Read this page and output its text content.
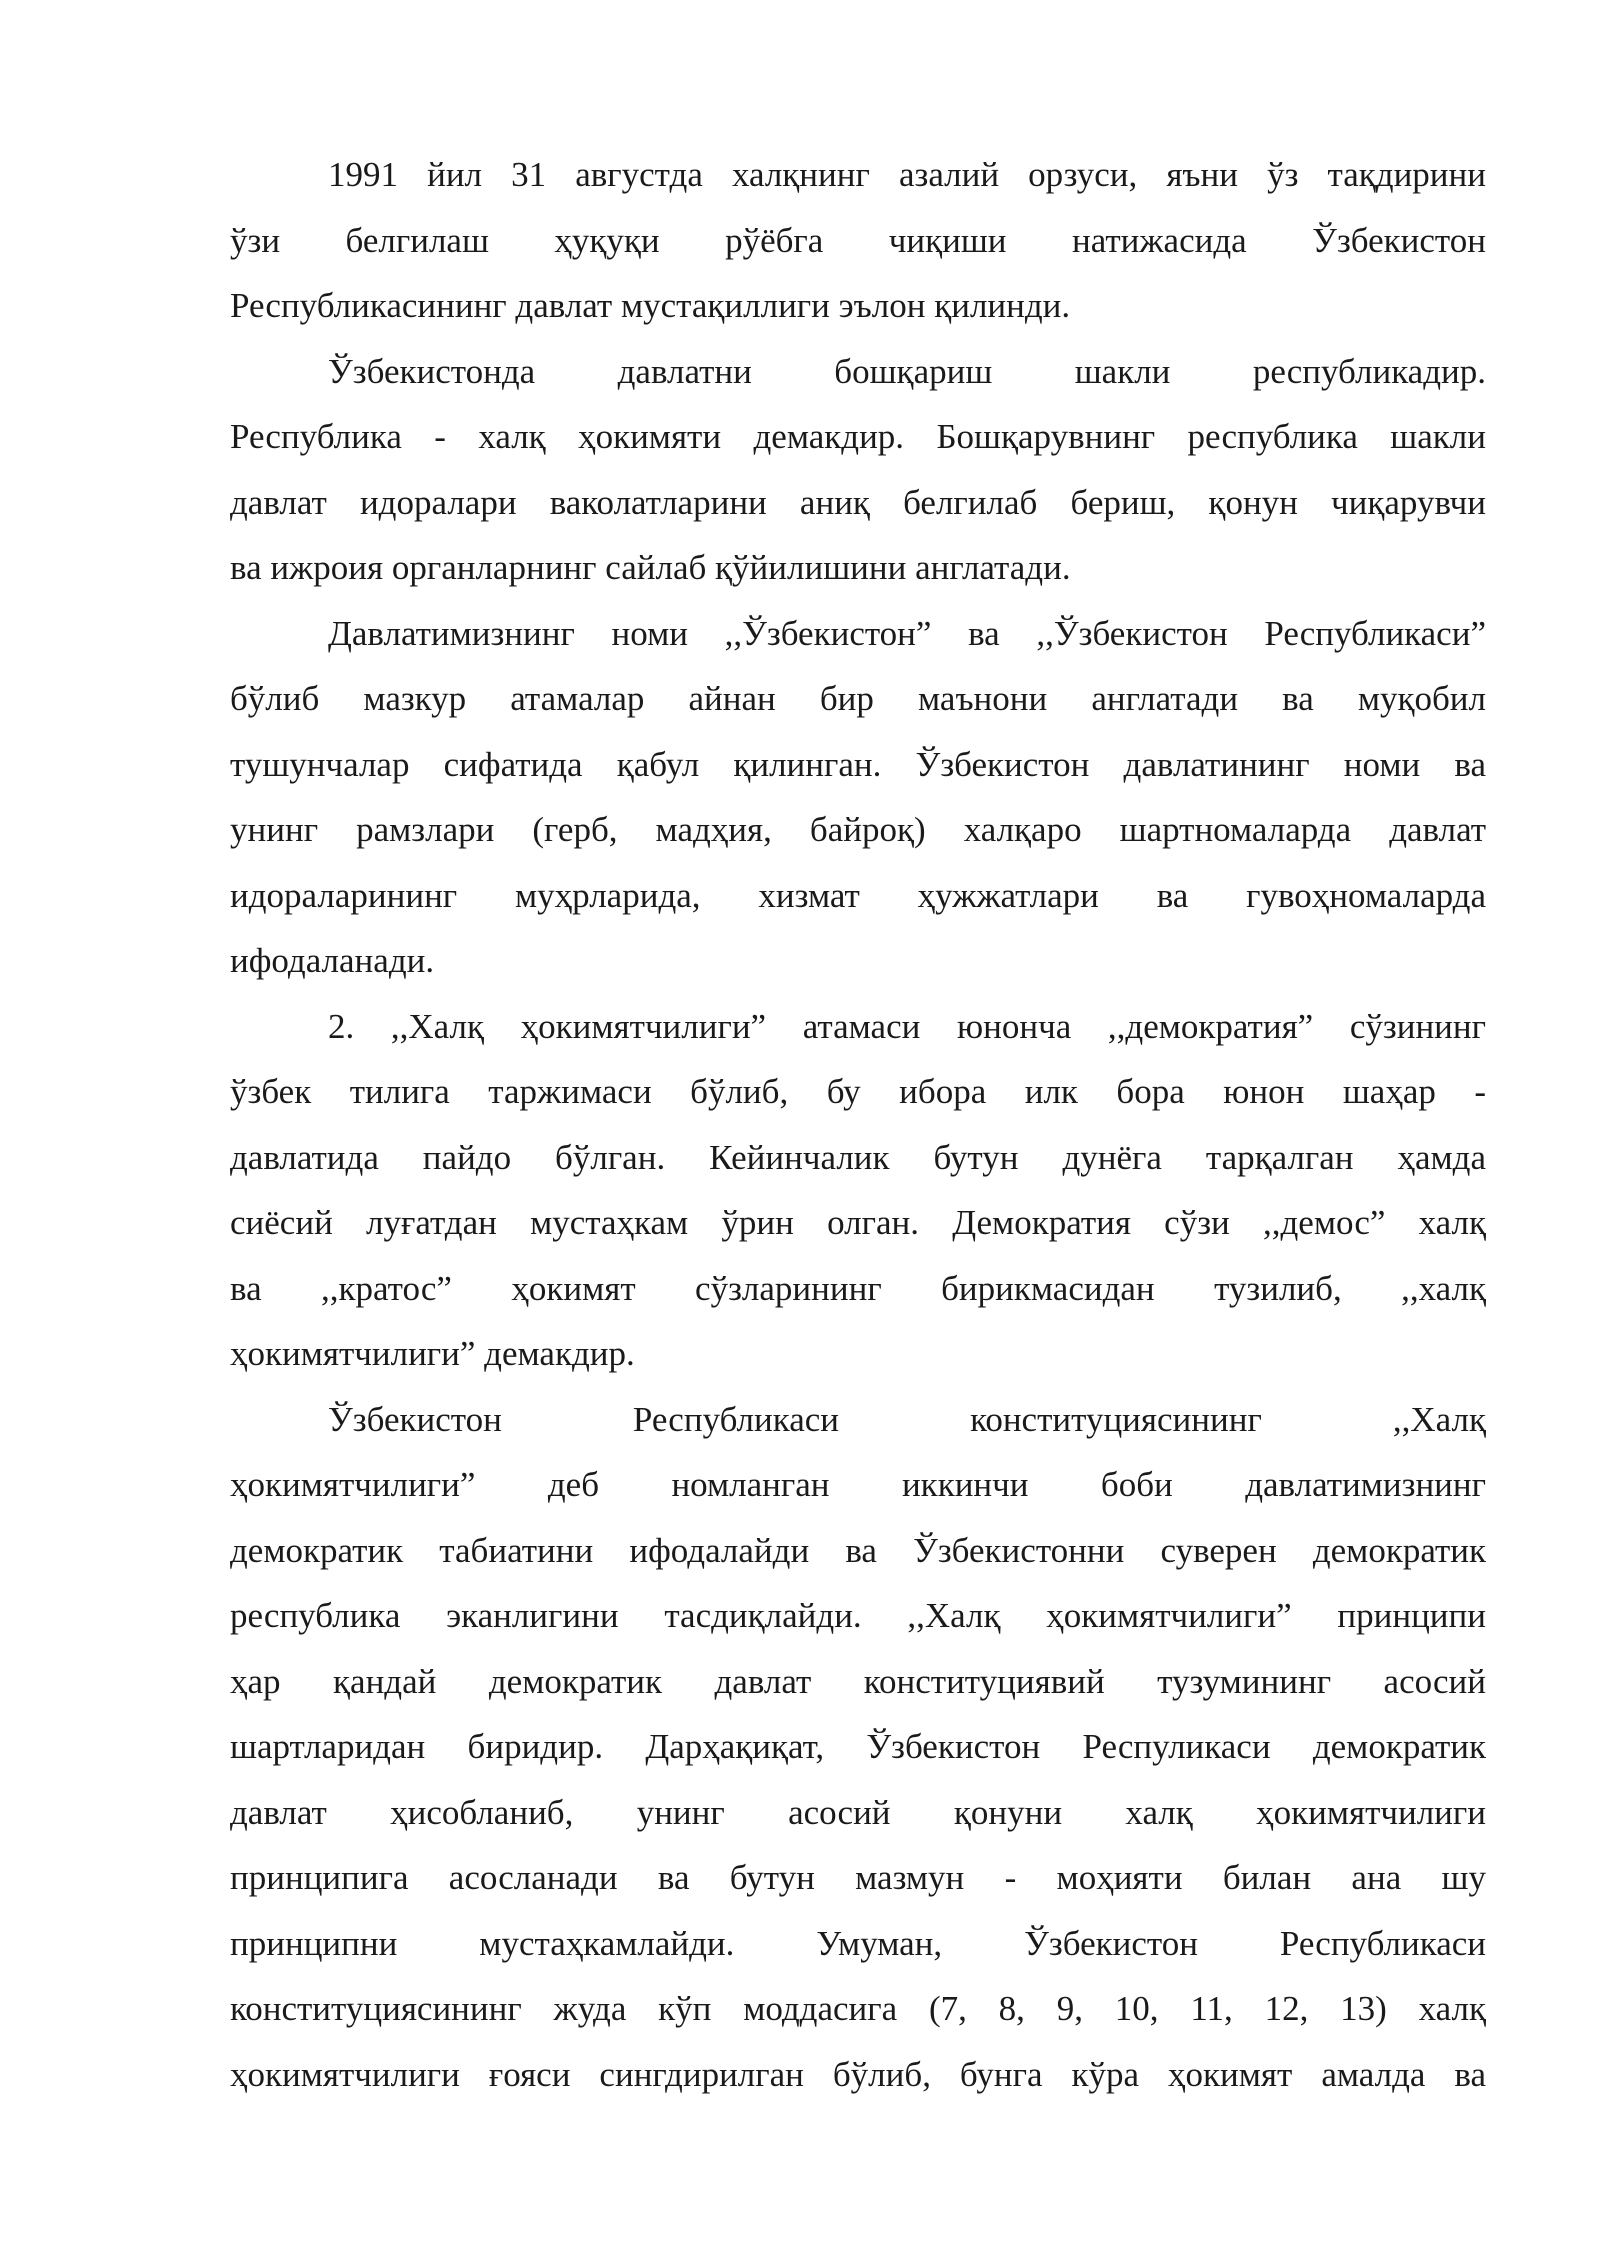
1991 йил 31 августда халқнинг азалий орзуси, яъни ўз тақдирини
ўзи белгилаш ҳуқуқи рўёбга чиқиши натижасида Ўзбекистон
Республикасининг давлат мустақиллиги эълон қилинди.
Ўзбекистонда давлатни бошқариш шакли республикадир.
Республика - халқ ҳокимяти демакдир. Бошқарувнинг республика шакли
давлат идоралари ваколатларини аниқ белгилаб бериш, қонун чиқарувчи
ва ижроия органларнинг сайлаб қўйилишини англатади.
Давлатимизнинг номи ,,Ўзбекистон” ва ,,Ўзбекистон Республикаси”
бўлиб мазкур атамалар айнан бир маънони англатади ва муқобил
тушунчалар сифатида қабул қилинган. Ўзбекистон давлатининг номи ва
унинг рамзлари (герб, мадҳия, байроқ) халқаро шартномаларда давлат
идораларининг муҳрларида, хизмат ҳужжатлари ва гувоҳномаларда
ифодаланади.
2. ,,Халқ ҳокимятчилиги” атамаси юнонча ,,демократия” сўзининг
ўзбек тилига таржимаси бўлиб, бу ибора илк бора юнон шаҳар -
давлатида пайдо бўлган. Кейинчалик бутун дунёга тарқалган ҳамда
сиёсий луғатдан мустаҳкам ўрин олган. Демократия сўзи ,,демос” халқ
ва ,,кратос” ҳокимят сўзларининг бирикмасидан тузилиб, ,,халқ
ҳокимятчилиги” демакдир.
Ўзбекистон Республикаси конституциясининг ,,Халқ
ҳокимятчилиги” деб номланган иккинчи боби давлатимизнинг
демократик табиатини ифодалайди ва Ўзбекистонни суверен демократик
республика эканлигини тасдиқлайди. ,,Халқ ҳокимятчилиги” принципи
ҳар қандай демократик давлат конституциявий тузумининг асосий
шартларидан биридир. Дарҳақиқат, Ўзбекистон Респуликаси демократик
давлат ҳисобланиб, унинг асосий қонуни халқ ҳокимятчилиги
принципига асосланади ва бутун мазмун - моҳияти билан ана шу
принципни мустаҳкамлайди. Умуман, Ўзбекистон Республикаси
конституциясининг жуда кўп моддасига (7, 8, 9, 10, 11, 12, 13) халқ
ҳокимятчилиги ғояси сингдирилган бўлиб, бунга кўра ҳокимят амалда ва
